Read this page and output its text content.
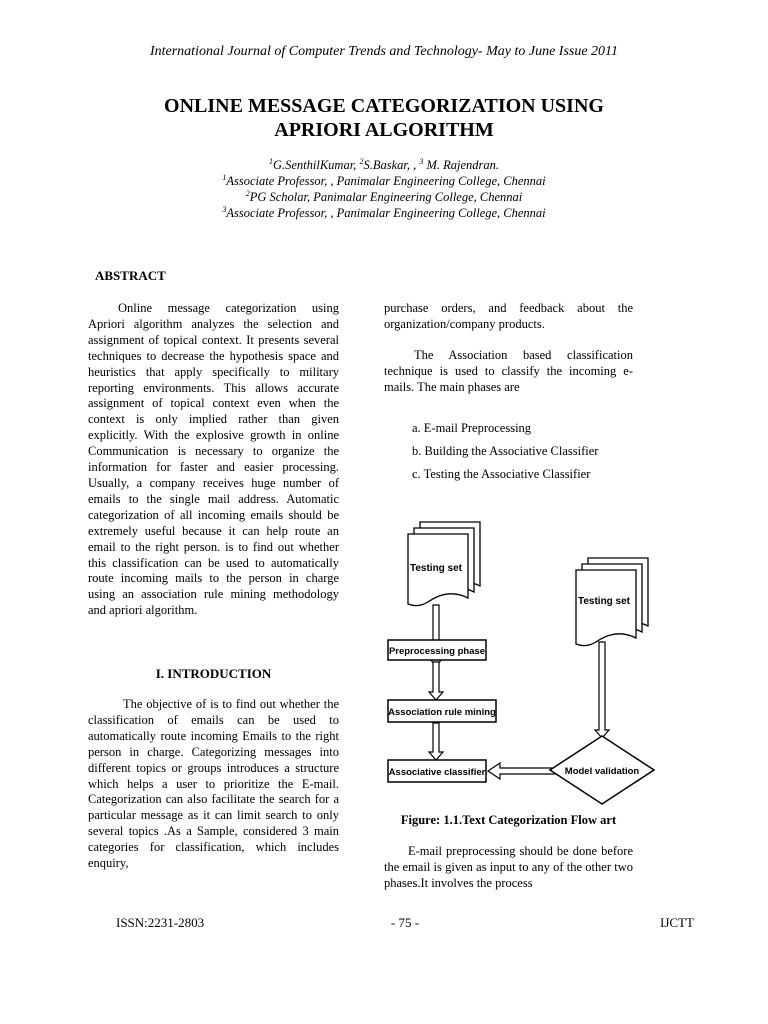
International Journal of Computer Trends and Technology- May to June Issue 2011
ONLINE MESSAGE CATEGORIZATION USING
APRIORI ALGORITHM
$^1$G.SenthilKumar, $^2$S.Baskar, , $^3$ M. Rajendran.
$^1$Associate Professor, , Panimalar Engineering College, Chennai
$^2$PG Scholar, Panimalar Engineering College, Chennai
$^3$Associate Professor, , Panimalar Engineering College, Chennai
ABSTRACT
Online message categorization using Apriori algorithm analyzes the selection and assignment of topical context. It presents several techniques to decrease the hypothesis space and heuristics that apply specifically to military reporting environments. This allows accurate assignment of topical context even when the context is only implied rather than given explicitly. With the explosive growth in online Communication is necessary to organize the information for faster and easier processing. Usually, a company receives huge number of emails to the single mail address. Automatic categorization of all incoming emails should be extremely useful because it can help route an email to the right person. is to find out whether this classification can be used to automatically route incoming mails to the person in charge using an association rule mining methodology and apriori algorithm.
I. INTRODUCTION
The objective of is to find out whether the classification of emails can be used to automatically route incoming Emails to the right person in charge. Categorizing messages into different topics or groups introduces a structure which helps a user to prioritize the E-mail. Categorization can also facilitate the search for a particular message as it can limit search to only several topics .As a Sample, considered 3 main categories for classification, which includes enquiry,
purchase orders, and feedback about the organization/company products.
The Association based classification technique is used to classify the incoming e-mails. The main phases are
a. E-mail Preprocessing
b. Building the Associative Classifier
c. Testing the Associative Classifier
Testing set
Testing set
Preprocessing phase
Association rule mining
Associative classifier	Model validation
Figure: 1.1.Text Categorization Flow art
E-mail preprocessing should be done before the email is given as input to any of the other two phases.It involves the process
ISSN:2231-2803	- 75 -	IJCTT
